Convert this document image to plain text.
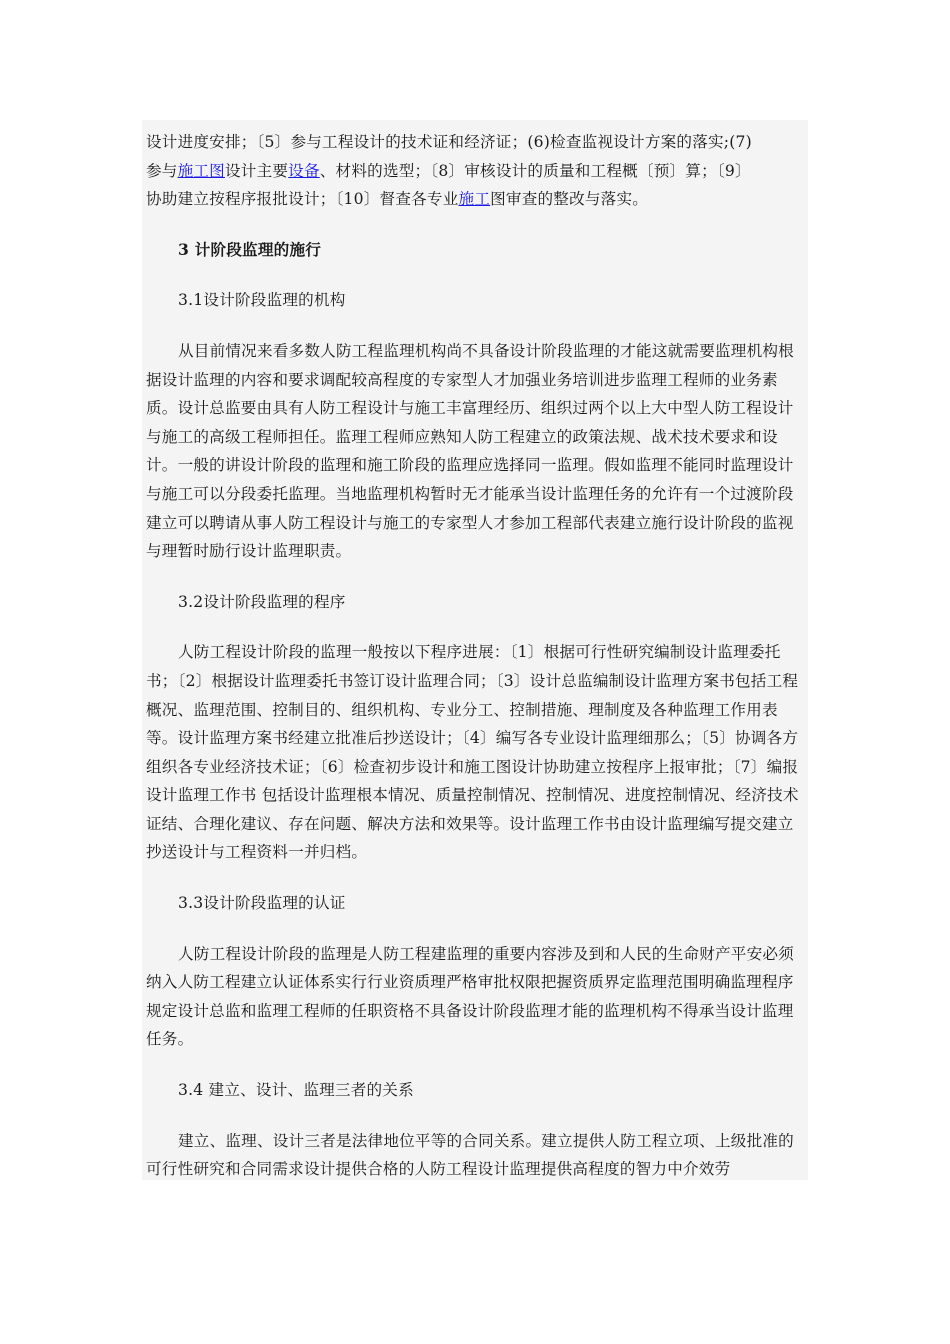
设计进度安排；〔5〕参与工程设计的技术证和经济证；(6)检查监视设计方案的落实;(7)
参与施工图设计主要设备、材料的选型；〔8〕审核设计的质量和工程概〔预〕算；〔9〕
协助建立按程序报批设计；〔10〕督查各专业施工图审查的整改与落实。

3 计阶段监理的施行

3.1设计阶段监理的机构

从目前情况来看多数人防工程监理机构尚不具备设计阶段监理的才能这就需要监理机构根据设计监理的内容和要求调配较高程度的专家型人才加强业务培训进步监理工程师的业务素质。设计总监要由具有人防工程设计与施工丰富理经历、组织过两个以上大中型人防工程设计与施工的高级工程师担任。监理工程师应熟知人防工程建立的政策法规、战术技术要求和设计。一般的讲设计阶段的监理和施工阶段的监理应选择同一监理。假如监理不能同时监理设计与施工可以分段委托监理。当地监理机构暂时无才能承当设计监理任务的允许有一个过渡阶段建立可以聘请从事人防工程设计与施工的专家型人才参加工程部代表建立施行设计阶段的监视与理暂时励行设计监理职责。

3.2设计阶段监理的程序

人防工程设计阶段的监理一般按以下程序进展：〔1〕根据可行性研究编制设计监理委托书；〔2〕根据设计监理委托书签订设计监理合同；〔3〕设计总监编制设计监理方案书包括工程概况、监理范围、控制目的、组织机构、专业分工、控制措施、理制度及各种监理工作用表等。设计监理方案书经建立批准后抄送设计；〔4〕编写各专业设计监理细那么；〔5〕协调各方组织各专业经济技术证；〔6〕检查初步设计和施工图设计协助建立按程序上报审批；〔7〕编报设计监理工作书 包括设计监理根本情况、质量控制情况、控制情况、进度控制情况、经济技术证结、合理化建议、存在问题、解决方法和效果等。设计监理工作书由设计监理编写提交建立抄送设计与工程资料一并归档。

3.3设计阶段监理的认证

人防工程设计阶段的监理是人防工程建监理的重要内容涉及到和人民的生命财产平安必须纳入人防工程建立认证体系实行行业资质理严格审批权限把握资质界定监理范围明确监理程序规定设计总监和监理工程师的任职资格不具备设计阶段监理才能的监理机构不得承当设计监理任务。

3.4 建立、设计、监理三者的关系

建立、监理、设计三者是法律地位平等的合同关系。建立提供人防工程立项、上级批准的可行性研究和合同需求设计提供合格的人防工程设计监理提供高程度的智力中介效劳
